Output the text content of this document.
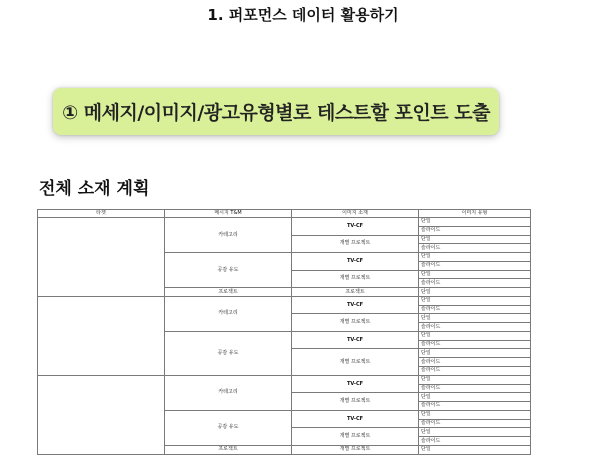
1. 퍼포먼스 데이터 활용하기
① 메세지/이미지/광고유형별로 테스트할 포인트 도출
전체 소재 계획
타겟	메시지 T&M	이미지 소재	이미지 유형
	카테고리	TV-CF	단일
			슬라이드
		개별 프로젝트	단일
			슬라이드
	공감 유도	TV-CF	단일
			슬라이드
		개별 프로젝트	단일
			슬라이드
	프로젝트	프로젝트	단일
	카테고리	TV-CF	단일
			슬라이드
		개별 프로젝트	단일
			슬라이드
	공감 유도	TV-CF	단일
			슬라이드
		개별 프로젝트	단일
			슬라이드
			슬라이드
	카테고리	TV-CF	단일
			슬라이드
		개별 프로젝트	단일
			슬라이드
	공감 유도	TV-CF	단일
			슬라이드
		개별 프로젝트	단일
			슬라이드
	프로젝트	개별 프로젝트	단일
